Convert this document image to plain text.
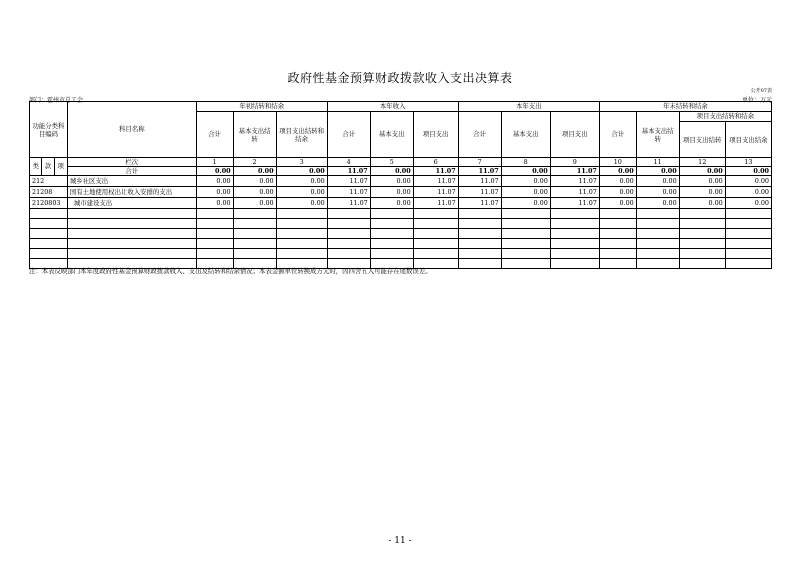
政府性基金预算财政拨款收入支出决算表
公开07表
部门：霍州市总工会	单位：万元
功能分类科目编码			科目名称	年初结转和结余			本年收入			本年支出			年末结转和结余			
				合计	基本支出结转	项目支出结转和结余	合计	基本支出	项目支出	合计	基本支出	项目支出	合计	基本支出结转	项目支出结转和结余	
															项目支出结转	项目支出结余
类	款	项	栏次	1	2	3	4	5	6	7	8	9	10	11	12	13
			合计	0.00	0.00	0.00	11.07	0.00	11.07	11.07	0.00	11.07	0.00	0.00	0.00	0.00
212			城乡社区支出	0.00	0.00	0.00	11.07	0.00	11.07	11.07	0.00	11.07	0.00	0.00	0.00	0.00
21208			国有土地使用权出让收入安排的支出	0.00	0.00	0.00	11.07	0.00	11.07	11.07	0.00	11.07	0.00	0.00	0.00	0.00
2120803			城市建设支出	0.00	0.00	0.00	11.07	0.00	11.07	11.07	0.00	11.07	0.00	0.00	0.00	0.00

注：本表反映部门本年度政府性基金预算财政拨款收入、支出及结转和结余情况；本表金额单位转换成万元时，因四舍五入可能存在尾数误差。
- 11 -
